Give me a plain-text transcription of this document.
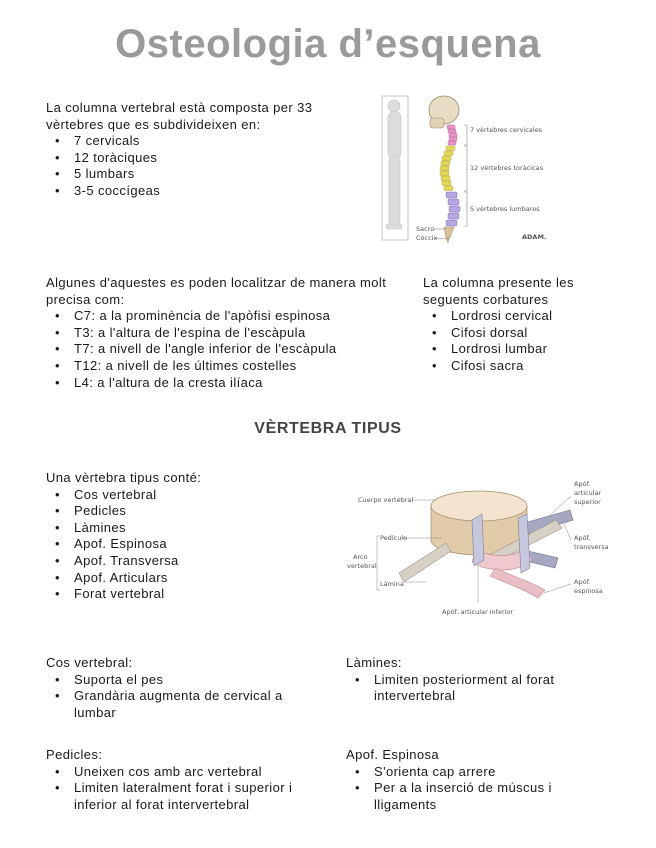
Osteologia d’esquena

La columna vertebral està composta per 33 vèrtebres que es subdivideixen en:

• 7 cervicals
• 12 toràciques
• 5 lumbars
• 3-5 coccígeas
7 vèrtebres cervicales
12 vèrtebres toràcicas
5 vèrtebres lumbares
Sacro
Cóccix	ADAM.

Algunes d'aquestes es poden localitzar de manera molt precisa com:

• C7: a la prominència de l'apòfisi espinosa
• T3: a l'altura de l'espina de l'escàpula
• T7: a nivell de l'angle inferior de l'escàpula
• T12: a nivell de les últimes costelles
• L4: a l'altura de la cresta ilíaca

La columna presente les seguents corbatures

• Lordrosi cervical
• Cifosi dorsal
• Lordrosi lumbar
• Cifosi sacra
VÈRTEBRA TIPUS

Una vèrtebra tipus conté:

• Cos vertebral
• Pedicles
• Làmines
• Apof. Espinosa
• Apof. Transversa
• Apof. Articulars
• Forat vertebral
Cuerpo vertebral
Pedículo
Arco
vertebral
Lámina
Apóf. articular inferior
Apóf.
articular
superior
Apóf.
transversa
Apóf.
espinosa

Cos vertebral:

• Suporta el pes
• Grandària augmenta de cervical a lumbar

Làmines:

• Limiten posteriorment al forat intervertebral

Pedicles:

• Uneixen cos amb arc vertebral
• Limiten lateralment forat i superior i inferior al forat intervertebral

Apof. Espinosa

• S'orienta cap arrere
• Per a la inserció de múscus i lligaments
